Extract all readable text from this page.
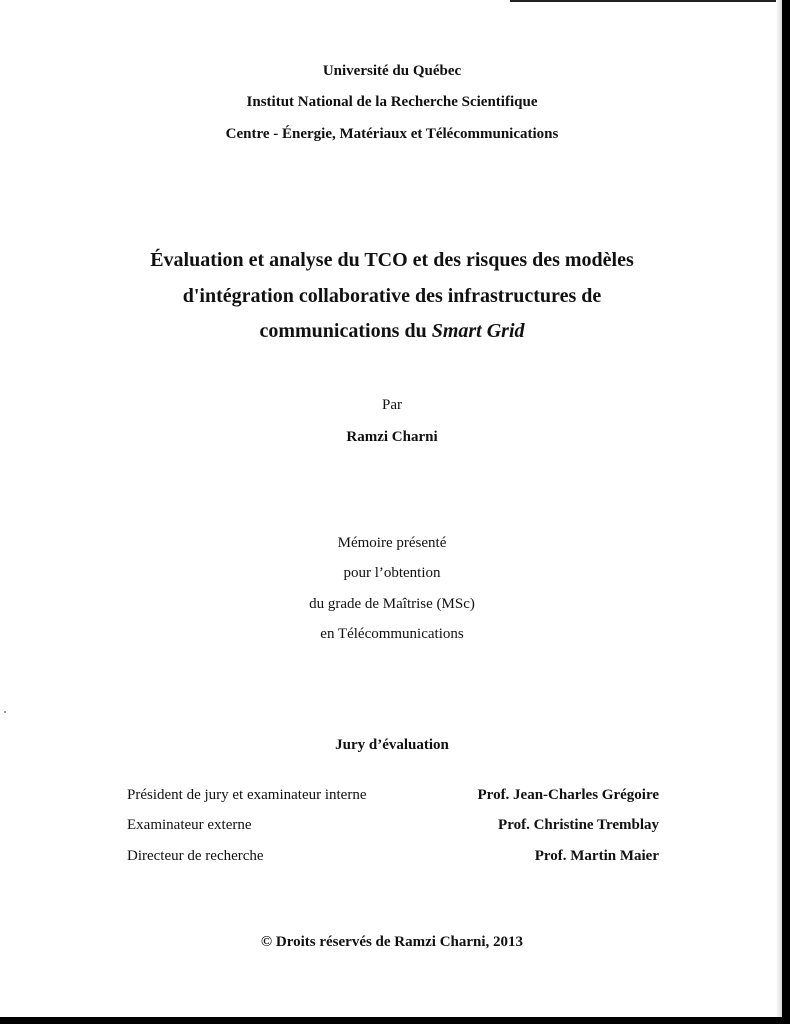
Université du Québec
Institut National de la Recherche Scientifique
Centre - Énergie, Matériaux et Télécommunications
Évaluation et analyse du TCO et des risques des modèles
d'intégration collaborative des infrastructures de
communications du Smart Grid
Par
Ramzi Charni
Mémoire présenté
pour l’obtention
du grade de Maîtrise (MSc)
en Télécommunications
Jury d’évaluation
Président de jury et examinateur interne	Prof. Jean-Charles Grégoire
Examinateur externe	Prof. Christine Tremblay
Directeur de recherche	Prof. Martin Maier
© Droits réservés de Ramzi Charni, 2013
